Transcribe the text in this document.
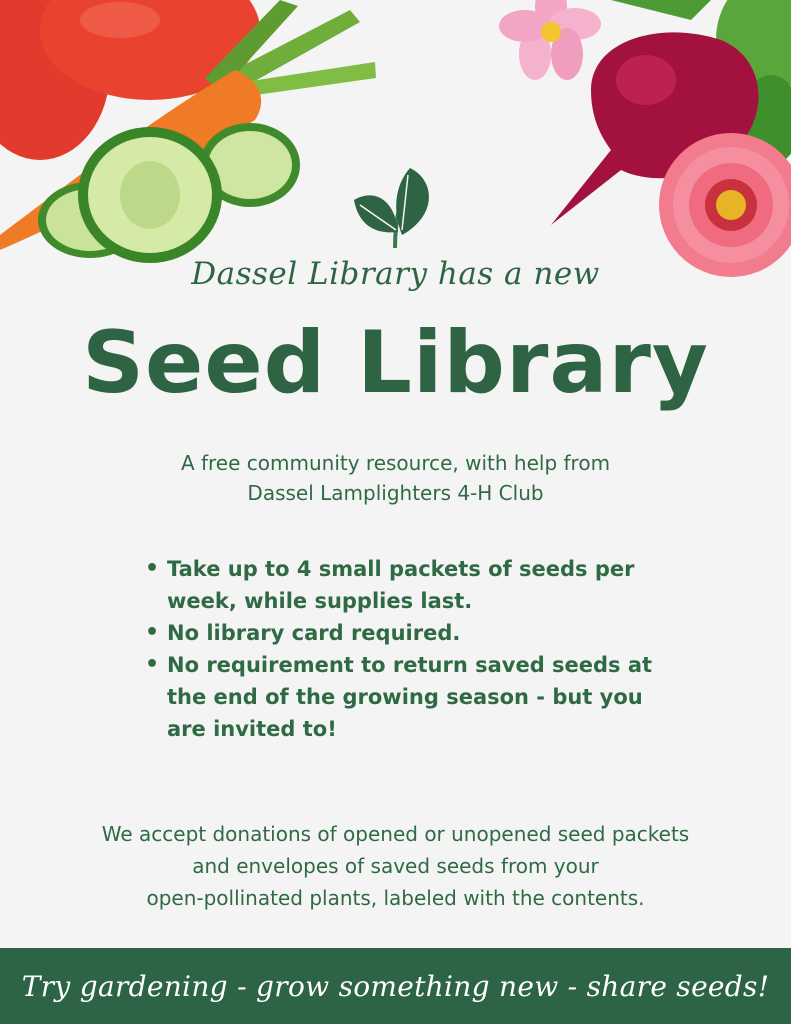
Dassel Library has a new
Seed Library
A free community resource, with help from
Dassel Lamplighters 4-H Club
• Take up to 4 small packets of seeds per week, while supplies last.
• No library card required.
• No requirement to return saved seeds at the end of the growing season - but you are invited to!
We accept donations of opened or unopened seed packets
and envelopes of saved seeds from your
open-pollinated plants, labeled with the contents.
Try gardening - grow something new - share seeds!
